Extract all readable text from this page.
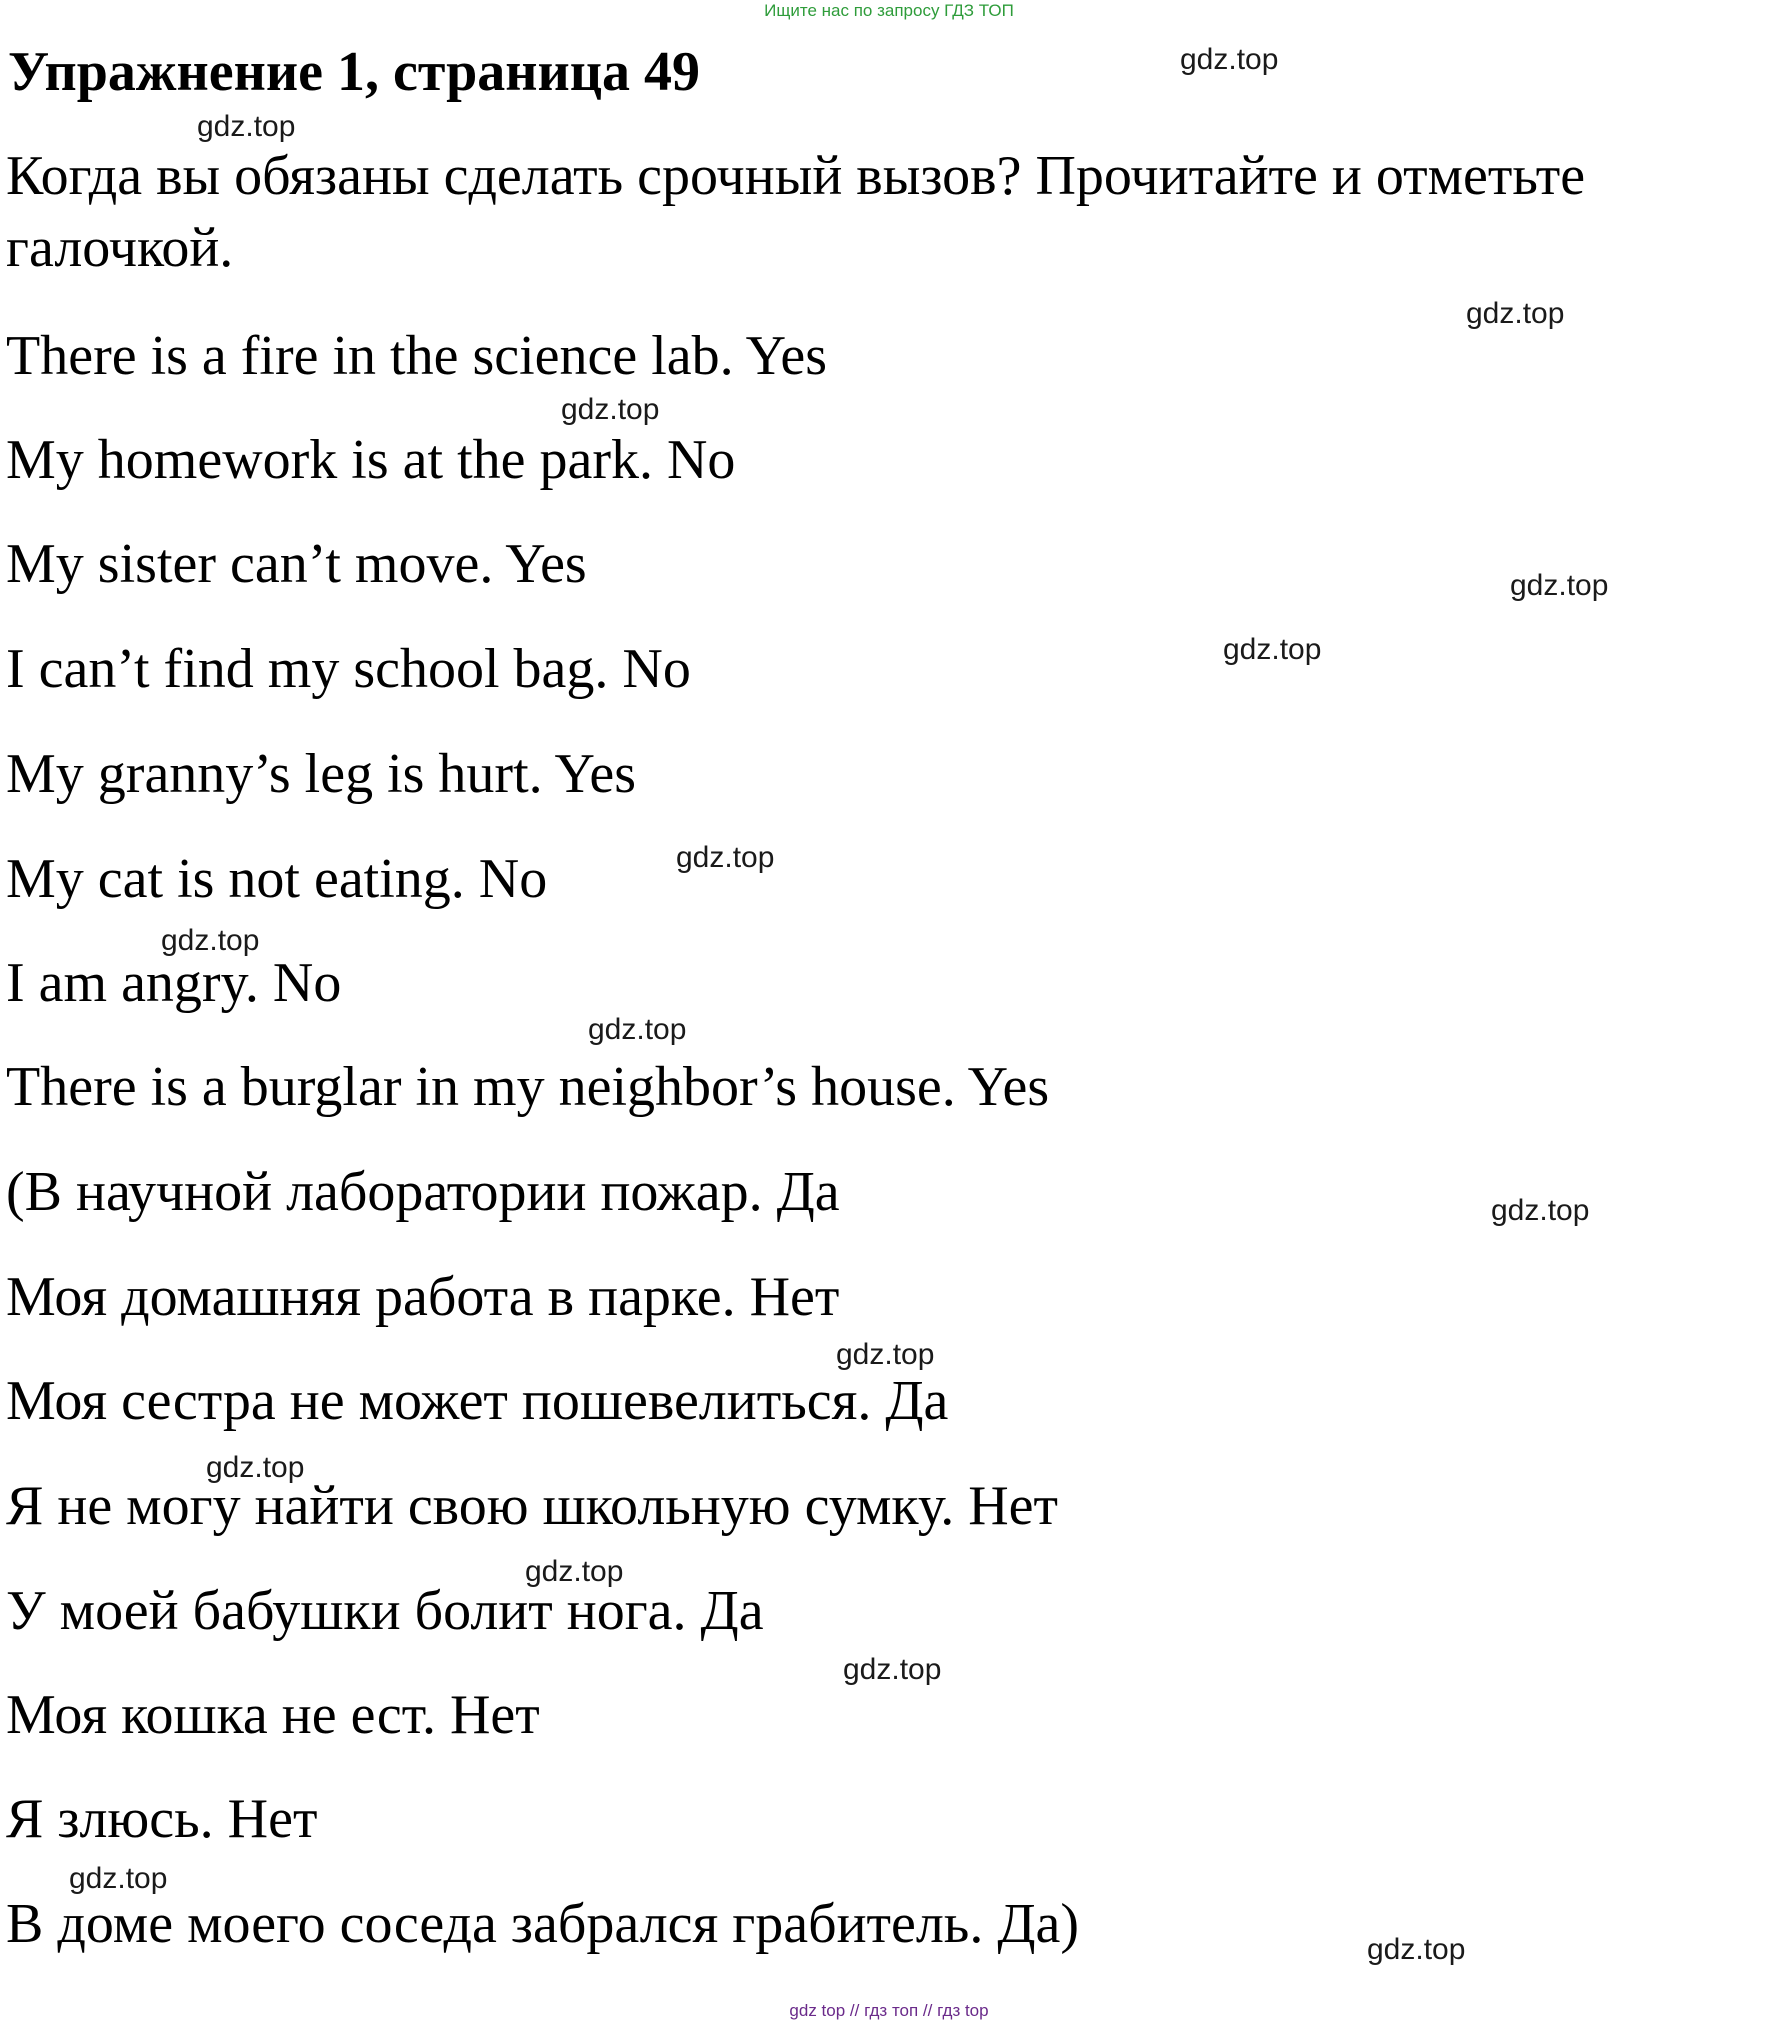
Ищите нас по запросу ГДЗ ТОП
Упражнение 1, страница 49
Когда вы обязаны сделать срочный вызов? Прочитайте и отметьте галочкой.
There is a fire in the science lab. Yes
My homework is at the park. No
My sister can’t move. Yes
I can’t find my school bag. No
My granny’s leg is hurt. Yes
My cat is not eating. No
I am angry. No
There is a burglar in my neighbor’s house. Yes
(В научной лаборатории пожар. Да
Моя домашняя работа в парке. Нет
Моя сестра не может пошевелиться. Да
Я не могу найти свою школьную сумку. Нет
У моей бабушки болит нога. Да
Моя кошка не ест. Нет
Я злюсь. Нет
В доме моего соседа забрался грабитель. Да)
gdz.top
gdz.top
gdz.top
gdz.top
gdz.top
gdz.top
gdz.top
gdz.top
gdz.top
gdz.top
gdz.top
gdz.top
gdz.top
gdz.top
gdz.top
gdz.top
gdz top // гдз топ // гдз top
